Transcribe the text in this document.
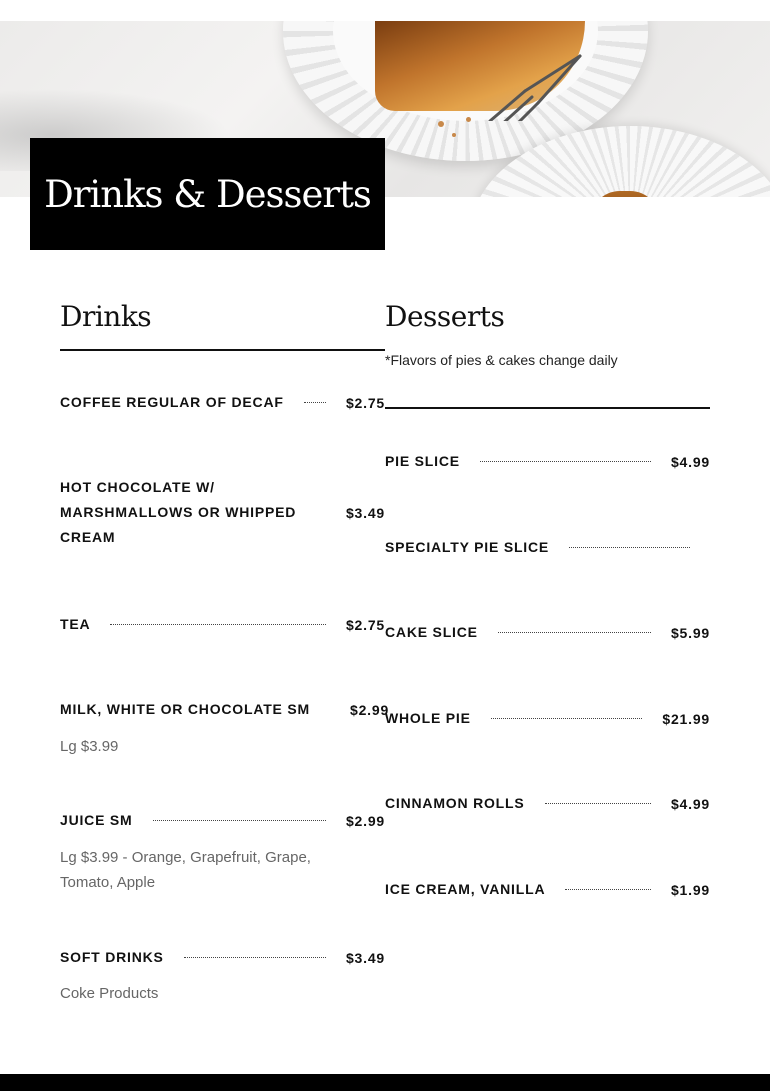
Drinks & Desserts
Drinks
COFFEE REGULAR OF DECAF	$2.75
HOT CHOCOLATE W/ MARSHMALLOWS OR WHIPPED CREAM
$3.49
TEA	$2.75
MILK, WHITE OR CHOCOLATE SM	$2.99
Lg $3.99
JUICE SM	$2.99
Lg $3.99 - Orange, Grapefruit, Grape, Tomato, Apple
SOFT DRINKS	$3.49
Coke Products
Desserts
*Flavors of pies & cakes change daily
PIE SLICE	$4.99
SPECIALTY PIE SLICE
CAKE SLICE	$5.99
WHOLE PIE	$21.99
CINNAMON ROLLS	$4.99
ICE CREAM, VANILLA	$1.99
